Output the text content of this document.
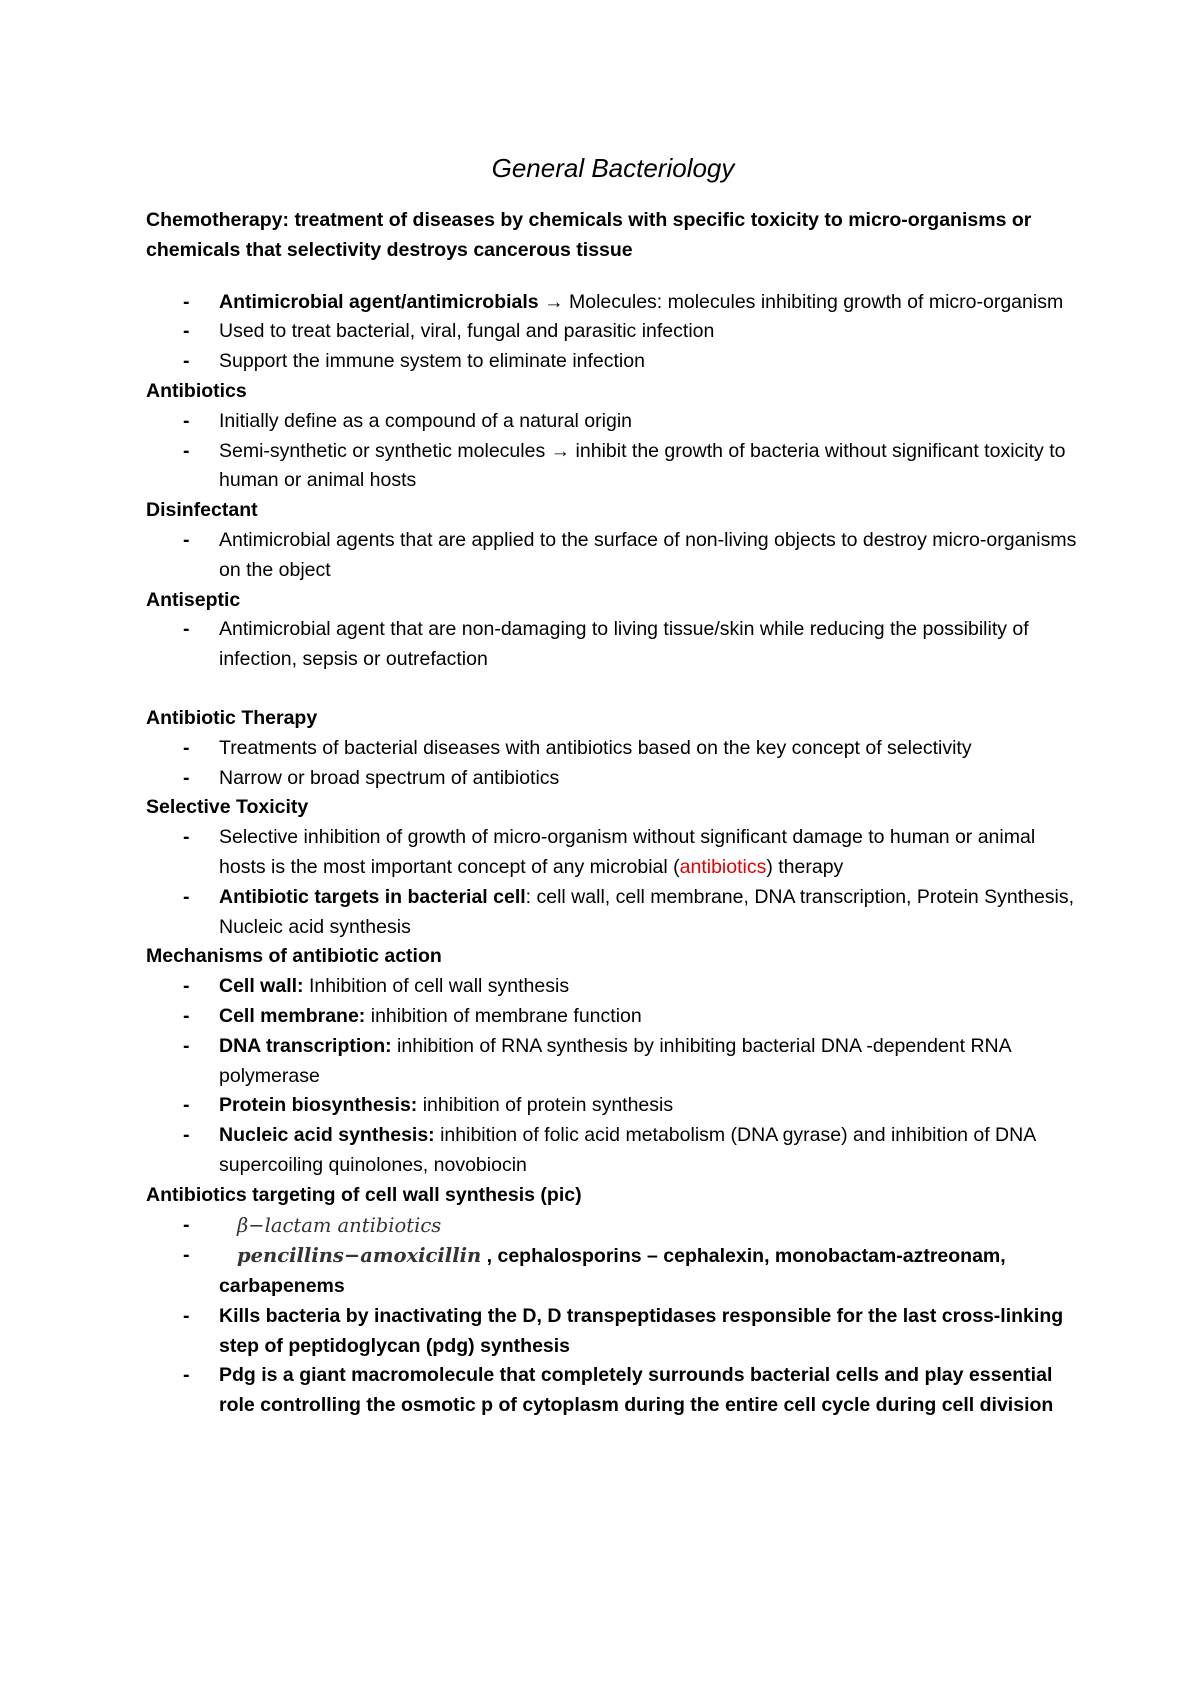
General Bacteriology
Chemotherapy: treatment of diseases by chemicals with specific toxicity to micro-organisms or chemicals that selectivity destroys cancerous tissue
- Antimicrobial agent/antimicrobials → Molecules: molecules inhibiting growth of micro-organism
- Used to treat bacterial, viral, fungal and parasitic infection
- Support the immune system to eliminate infection
Antibiotics
- Initially define as a compound of a natural origin
- Semi-synthetic or synthetic molecules → inhibit the growth of bacteria without significant toxicity to human or animal hosts
Disinfectant
- Antimicrobial agents that are applied to the surface of non-living objects to destroy micro-organisms on the object
Antiseptic
- Antimicrobial agent that are non-damaging to living tissue/skin while reducing the possibility of infection, sepsis or outrefaction
Antibiotic Therapy
- Treatments of bacterial diseases with antibiotics based on the key concept of selectivity
- Narrow or broad spectrum of antibiotics
Selective Toxicity
- Selective inhibition of growth of micro-organism without significant damage to human or animal hosts is the most important concept of any microbial (antibiotics) therapy
- Antibiotic targets in bacterial cell: cell wall, cell membrane, DNA transcription, Protein Synthesis, Nucleic acid synthesis
Mechanisms of antibiotic action
- Cell wall: Inhibition of cell wall synthesis
- Cell membrane: inhibition of membrane function
- DNA transcription: inhibition of RNA synthesis by inhibiting bacterial DNA -dependent RNA polymerase
- Protein biosynthesis: inhibition of protein synthesis
- Nucleic acid synthesis: inhibition of folic acid metabolism (DNA gyrase) and inhibition of DNA supercoiling quinolones, novobiocin
Antibiotics targeting of cell wall synthesis (pic)
- β−lactam antibiotics
- pencillins−amoxicillin , cephalosporins – cephalexin, monobactam-aztreonam, carbapenems
- Kills bacteria by inactivating the D, D transpeptidases responsible for the last cross-linking step of peptidoglycan (pdg) synthesis
- Pdg is a giant macromolecule that completely surrounds bacterial cells and play essential role controlling the osmotic p of cytoplasm during the entire cell cycle during cell division
